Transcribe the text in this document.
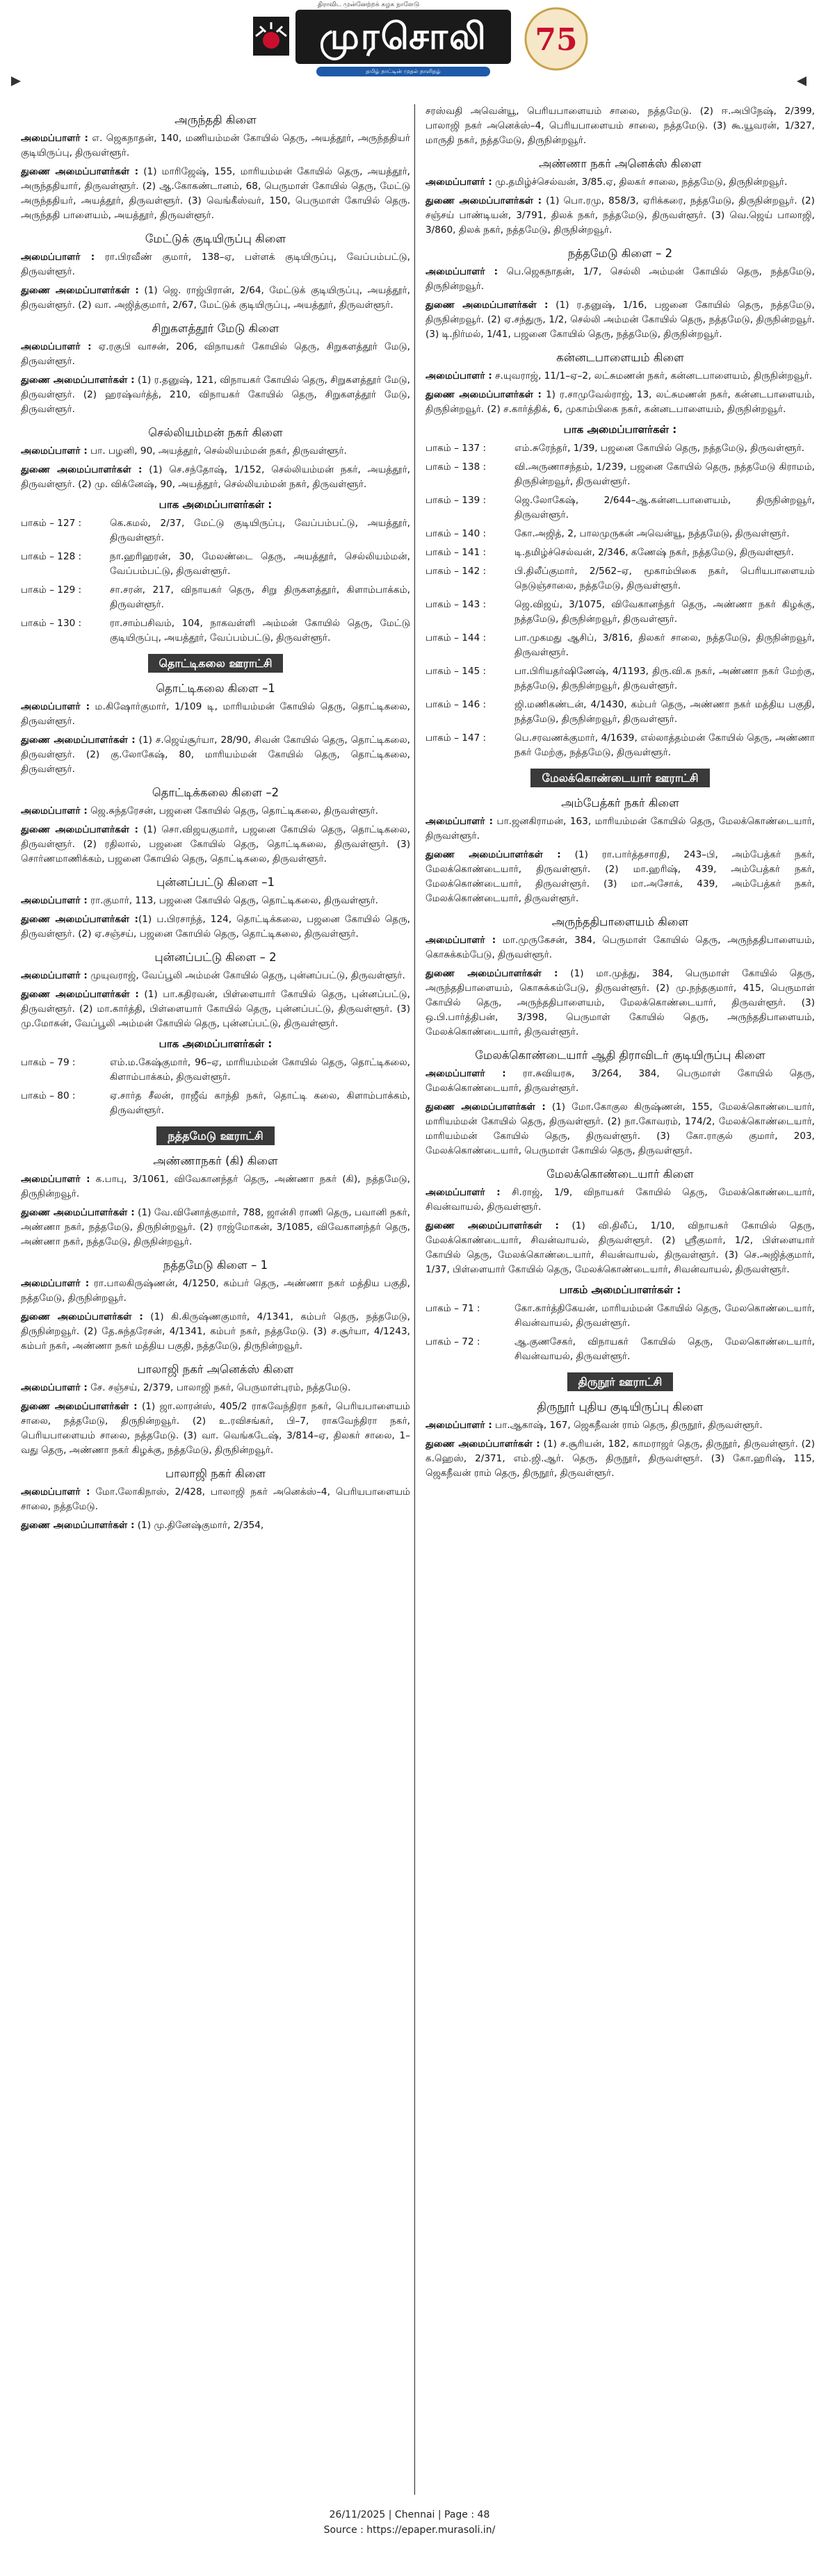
திராவிட முன்னேற்றக் கழக நாளேடு
முரசொலி
தமிழ் நாட்டின் முதல் நாளிதழ்
75
அருந்ததி கிளை
அமைப்பாளர் : எ. ஜெகநாதன், 140, மணியம்மன் கோயில் தெரு, அயத்தூர், அருந்ததியர் குடியிருப்பு, திருவள்ளூர்.
துணை அமைப்பாளர்கள் : (1) மாரிஜேஷ், 155, மாரியம்மன் கோயில் தெரு, அயத்தூர், அருந்ததியார், திருவள்ளூர். (2) ஆ.கோகண்டானம், 68, பெருமாள் கோயில் தெரு, மேட்டு அருந்ததியர், அயத்தூர், திருவள்ளூர். (3) வெங்கீஸ்வர், 150, பெருமாள் கோயில் தெரு. அருந்ததி பாளையம், அயத்தூர், திருவள்ளூர்.
மேட்டுக் குடியிருப்பு கிளை
அமைப்பாளர் : ரா.பிரவீண் குமார், 138–ஏ, பள்ளக் குடியிருப்பு, வேப்பம்பட்டு, திருவள்ளூர்.
துணை அமைப்பாளர்கள் : (1) ஜெ. ராஜ்பிரான், 2/64, மேட்டுக் குடியிருப்பு, அயத்தூர், திருவள்ளூர். (2) வா. அஜித்குமார், 2/67, மேட்டுக் குடியிருப்பு, அயத்தூர், திருவள்ளூர்.
சிறுகளத்தூர் மேடு கிளை
அமைப்பாளர் : ஏ.ரகுபி வாசன், 206, விநாயகர் கோயில் தெரு, சிறுகளத்தூர் மேடு, திருவள்ளூர்.
துணை அமைப்பாளர்கள் : (1) ர.தனுஷ், 121, விநாயகர் கோயில் தெரு, சிறுகளத்தூர் மேடு, திருவள்ளூர். (2) ஹரஷ்வர்த்த், 210, விநாயகர் கோயில் தெரு, சிறுகளத்தூர் மேடு, திருவள்ளூர்.
செல்லியம்மன் நகர் கிளை
அமைப்பாளர் : பா. பழனி, 90, அயத்தூர், செல்லியம்மன் நகர், திருவள்ளூர்.
துணை அமைப்பாளர்கள் : (1) செ.சந்தோஷ், 1/152, செல்லியம்மன் நகர், அயத்தூர், திருவள்ளூர். (2) மு. விக்னேஷ், 90, அயத்தூர், செல்லியம்மன் நகர், திருவள்ளூர்.
பாக அமைப்பாளர்கள் :
பாகம் – 127 :	கெ.கமல், 2/37, மேட்டு குடியிருப்பு, வேப்பம்பட்டு, அயத்தூர், திருவள்ளூர்.
பாகம் – 128 :	நா.ஹரிஹரன், 30, மேலண்டை தெரு, அயத்தூர், செல்லியம்மன், வேப்பம்பட்டு, திருவள்ளூர்.
பாகம் – 129 :	சா.சரன், 217, விநாயகர் தெரு, சிறு திருகளத்தூர், கிளாம்பாக்கம், திருவள்ளூர்.
பாகம் – 130 :	ரா.சாம்பசிவம், 104, நாகவள்ளி அம்மன் கோயில் தெரு, மேட்டு குடியிருப்பு, அயத்தூர், வேப்பம்பட்டு, திருவள்ளூர்.
தொட்டிகலை ஊராட்சி
தொட்டிகலை கிளை –1
அமைப்பாளர் : ம.கிஷோர்குமார், 1/109 டி, மாரியம்மன் கோயில் தெரு, தொட்டிகலை, திருவள்ளூர்.
துணை அமைப்பாளர்கள் : (1) ச.ஜெய்சூர்யா, 28/90, சிவன் கோயில் தெரு, தொட்டிகலை, திருவள்ளூர். (2) கு.லோகேஷ், 80, மாரியம்மன் கோயில் தெரு, தொட்டிகலை, திருவள்ளூர்.
தொட்டிக்கலை கிளை –2
அமைப்பாளர் : ஜெ.சுந்தரேசன், பஜனை கோயில் தெரு, தொட்டிகலை, திருவள்ளூர்.
துணை அமைப்பாளர்கள் : (1) சொ.விஜயகுமார், பஜனை கோயில் தெரு, தொட்டிகலை, திருவள்ளூர். (2) ரதிலால், பஜனை கோயில் தெரு, தொட்டிகலை, திருவள்ளூர். (3) சொர்ணமாணிக்கம், பஜனை கோயில் தெரு, தொட்டிகலை, திருவள்ளூர்.
புன்னப்பட்டு கிளை –1
அமைப்பாளர் : ரா.குமார், 113, பஜனை கோயில் தெரு, தொட்டிகலை, திருவள்ளூர்.
துணை அமைப்பாளர்கள் :(1) ப.பிரசாந்த், 124, தொட்டிக்கலை, பஜனை கோயில் தெரு, திருவள்ளூர். (2) ஏ.சஞ்சய், பஜனை கோயில் தெரு, தொட்டிகலை, திருவள்ளூர்.
புன்னப்பட்டு கிளை – 2
அமைப்பாளர் : முயுவராஜ், வேப்பூலி அம்மன் கோயில் தெரு, புன்னப்பட்டு, திருவள்ளூர்.
துணை அமைப்பாளர்கள் : (1) பா.கதிரவன், பிள்ளையார் கோயில் தெரு, புன்னப்பட்டு, திருவள்ளூர். (2) மா.கார்த்தி, பிள்ளையார் கோயில் தெரு, புன்னப்பட்டு, திருவள்ளூர். (3) மு.மோகன், வேப்பூலி அம்மன் கோயில் தெரு, புன்னப்பட்டு, திருவள்ளூர்.
பாக அமைப்பாளர்கள் :
பாகம் – 79 :	எம்.ம.கேஷ்குமார், 96–ஏ, மாரியம்மன் கோயில் தெரு, தொட்டிகலை, கிளாம்பாக்கம், திருவள்ளூர்.
பாகம் – 80 :	ஏ.சார்த சீலன், ராஜீவ் காந்தி நகர், தொட்டி கலை, கிளாம்பாக்கம், திருவள்ளூர்.
நத்தமேடு ஊராட்சி
அண்ணாநகர் (கி) கிளை
அமைப்பாளர் : க.பாபு, 3/1061, விவேகானந்தர் தெரு, அண்ணா நகர் (கி), நத்தமேடு, திருநின்றவூர்.
துணை அமைப்பாளர்கள் : (1) வே.வினோத்குமார், 788, ஜான்சி ராணி தெரு, பவானி நகர், அண்ணா நகர், நத்தமேடு, திருநின்றவூர். (2) ராஜ்மோகன், 3/1085, விவேகானந்தர் தெரு, அண்ணா நகர், நத்தமேடு, திருநின்றவூர்.
நத்தமேடு கிளை – 1
அமைப்பாளர் : ரா.பாலகிருஷ்ணன், 4/1250, கம்பர் தெரு, அண்ணா நகர் மத்திய பகுதி, நத்தமேடு, திருநின்றவூர்.
துணை அமைப்பாளர்கள் : (1) கி.கிருஷ்ணகுமார், 4/1341, கம்பர் தெரு, நத்தமேடு, திருநின்றவூர். (2) தே.சுந்தரேசன், 4/1341, கம்பர் நகர், நத்தமேடு. (3) ச.சூர்யா, 4/1243, கம்பர் நகர், அண்ணா நகர் மத்திய பகுதி, நத்தமேடு, திருநின்றவூர்.
பாலாஜி நகர் அனெக்ஸ் கிளை
அமைப்பாளர் : சே. சஞ்சய், 2/379, பாலாஜி நகர், பெருமாள்புரம், நத்தமேடு.
துணை அமைப்பாளர்கள் : (1) ஜா.லாரன்ஸ், 405/2 ராகவேந்திரா நகர், பெரியபாளையம் சாலை, நத்தமேடு, திருநின்றவூர். (2) உ.ரவிசங்கர், பி–7, ராகவேந்திரா நகர், பெரியபாளையம் சாலை, நத்தமேடு. (3) வா. வெங்கடேஷ், 3/814–ஏ, திலகர் சாலை, 1–வது தெரு, அண்ணா நகர் கிழக்கு, நத்தமேடு, திருநின்றவூர்.
பாலாஜி நகர் கிளை
அமைப்பாளர் : மோ.லோகிநாஸ், 2/428, பாலாஜி நகர் அனெக்ஸ்–4, பெரியபாளையம் சாலை, நத்தமேடு.
துணை அமைப்பாளர்கள் : (1) மு.தினேஷ்குமார், 2/354,
சரஸ்வதி அவென்யூ, பெரியபாளையம் சாலை, நத்தமேடு. (2) ஈ.அபிநேஷ், 2/399, பாலாஜி நகர் அனெக்ஸ்–4, பெரியபாளையம் சாலை, நத்தமேடு. (3) கூ.யூவரன், 1/327, மாருதி நகர், நத்தமேடு, திருநின்றவூர்.
அண்ணா நகர் அனெக்ஸ் கிளை
அமைப்பாளர் : மு.தமிழ்ச்செல்வன், 3/85.ஏ, திலகர் சாலை, நத்தமேடு, திருநின்றவூர்.
துணை அமைப்பாளர்கள் : (1) பொ.ரமு, 858/3, ஏரிக்கரை, நத்தமேடு, திருநின்றவூர். (2) சஞ்சய் பாண்டியன், 3/791, திலக் நகர், நத்தமேடு, திருவள்ளூர். (3) வெ.ஜெய் பாலாஜி, 3/860, திலக் நகர், நத்தமேடு, திருநின்றவூர்.
நத்தமேடு கிளை – 2
அமைப்பாளர் : பெ.ஜெகநாதன், 1/7, செல்லி அம்மன் கோயில் தெரு, நத்தமேடு, திருநின்றவூர்.
துணை அமைப்பாளர்கள் : (1) ர.தனுஷ், 1/16, பஜனை கோயில் தெரு, நத்தமேடு, திருநின்றவூர். (2) ஏ.சந்துரு, 1/2, செல்லி அம்மன் கோயில் தெரு, நத்தமேடு, திருநின்றவூர். (3) டி.நிர்மல், 1/41, பஜனை கோயில் தெரு, நத்தமேடு, திருநின்றவூர்.
கன்னடபாளையம் கிளை
அமைப்பாளர் : ச.யுவராஜ், 11/1–ஏ–2, லட்சுமணன் நகர், கன்னடபாளையம், திருநின்றவூர்.
துணை அமைப்பாளர்கள் : 1) ர.சாமுவேல்ராஜ், 13, லட்சுமணன் நகர், கன்னடபாளையம், திருநின்றவூர். (2) ச.கார்த்திக், 6, முகாம்பிகை நகர், கன்னடபாளையம், திருநின்றவூர்.
பாக அமைப்பாளர்கள் :
பாகம் – 137 :	எம்.சுரேந்தர், 1/39, பஜனை கோயில் தெரு, நத்தமேடு, திருவள்ளூர்.
பாகம் – 138 :	வி.அருணாசந்தம், 1/239, பஜனை கோயில் தெரு, நத்தமேடு கிராமம், திருநின்றவூர், திருவள்ளூர்.
பாகம் – 139 :	ஜெ.லோகேஷ், 2/644–ஆ.கன்னடபாளையம், திருநின்றவூர், திருவள்ளூர்.
பாகம் – 140 :	கோ.அஜித், 2, பாலமுருகன் அவென்யூ, நத்தமேடு, திருவள்ளூர்.
பாகம் – 141 :	டி.தமிழ்ச்செல்வன், 2/346, கணேஷ் நகர், நத்தமேடு, திருவள்ளூர்.
பாகம் – 142 :	பி.திலீப்குமார், 2/562–ஏ, மூகாம்பிகை நகர், பெரியபாளையம் நெடுஞ்சாலை, நத்தமேடு, திருவள்ளூர்.
பாகம் – 143 :	ஜெ.விஜய், 3/1075, விவேகானந்தர் தெரு, அண்ணா நகர் கிழக்கு, நத்தமேடு, திருநின்றவூர், திருவள்ளூர்.
பாகம் – 144 :	பா.முகமது ஆசிப், 3/816, திலகர் சாலை, நத்தமேடு, திருநின்றவூர், திருவள்ளூர்.
பாகம் – 145 :	பா.பிரியதர்ஷிணேஷ், 4/1193, திரு.வி.க நகர், அண்ணா நகர் மேற்கு, நத்தமேடு, திருநின்றவூர், திருவள்ளூர்.
பாகம் – 146 :	ஜி.மணிகண்டன், 4/1430, கம்பர் தெரு, அண்ணா நகர் மத்திய பகுதி, நத்தமேடு, திருநின்றவூர், திருவள்ளூர்.
பாகம் – 147 :	பெ.சரவணக்குமார், 4/1639, எல்லாத்தம்மன் கோயில் தெரு, அண்ணா நகர் மேற்கு, நத்தமேடு, திருவள்ளூர்.
மேலக்கொண்டையார் ஊராட்சி
அம்பேத்கர் நகர் கிளை
அமைப்பாளர் : பா.ஜனகிராமன், 163, மாரியம்மன் கோயில் தெரு, மேலக்கொண்டையார், திருவள்ளூர்.
துணை அமைப்பாளர்கள் : (1) ரா.பார்த்தசாரதி, 243–பி, அம்பேத்கர் நகர், மேலக்கொண்டையார், திருவள்ளூர். (2) மா.ஹரிஷ், 439, அம்பேத்கர் நகர், மேலக்கொண்டையார், திருவள்ளூர். (3) மா.அசோக், 439, அம்பேத்கர் நகர், மேலக்கொண்டையார், திருவள்ளூர்.
அருந்ததிபாளையம் கிளை
அமைப்பாளர் : மா.முருகேசன், 384, பெருமாள் கோயில் தெரு, அருந்ததிபாளையம், கொசுக்கம்பேடு, திருவள்ளூர்.
துணை அமைப்பாளர்கள் : (1) மா.முத்து, 384, பெருமாள் கோயில் தெரு, அருந்ததிபாளையம், கொசுக்கம்பேடு, திருவள்ளூர். (2) மு.நந்தகுமார், 415, பெருமாள் கோயில் தெரு, அருந்ததிபாளையம், மேலக்கொண்டையார், திருவள்ளூர். (3) ஒ.பி.பார்த்திபன், 3/398, பெருமாள் கோயில் தெரு, அருந்ததிபாளையம், மேலக்கொண்டையார், திருவள்ளூர்.
மேலக்கொண்டையார் ஆதி திராவிடர் குடியிருப்பு கிளை
அமைப்பாளர் : ரா.சுவியரசு, 3/264, 384, பெருமாள் கோயில் தெரு, மேலக்கொண்டையார், திருவள்ளூர்.
துணை அமைப்பாளர்கள் : (1) மோ.கோகுல கிருஷ்ணன், 155, மேலக்கொண்டையார், மாரியம்மன் கோயில் தெரு, திருவள்ளூர். (2) நா.கோவரம், 174/2, மேலக்கொண்டையார், மாரியம்மன் கோயில் தெரு, திருவள்ளூர். (3) கோ.ராகுல் குமார், 203, மேலக்கொண்டையார், பெருமாள் கோயில் தெரு, திருவள்ளூர்.
மேலக்கொண்டையார் கிளை
அமைப்பாளர் : சி.ராஜ், 1/9, விநாயகர் கோயில் தெரு, மேலக்கொண்டையார், சிவன்வாயல், திருவள்ளூர்.
துணை அமைப்பாளர்கள் : (1) வி.திலீப், 1/10, விநாயகர் கோயில் தெரு, மேலக்கொண்டையார், சிவன்வாயல், திருவள்ளூர். (2) ஸ்ரீகுமார், 1/2, பிள்ளையார் கோயில் தெரு, மேலக்கொண்டையார், சிவன்வாயல், திருவள்ளூர். (3) செ.அஜித்குமார், 1/37, பிள்ளையார் கோயில் தெரு, மேலக்கொண்டையார், சிவன்வாயல், திருவள்ளூர்.
பாகம் அமைப்பாளர்கள் :
பாகம் – 71 :	கோ.கார்த்திகேயன், மாரியம்மன் கோயில் தெரு, மேலகொண்டையார், சிவன்வாயல், திருவள்ளூர்.
பாகம் – 72 :	ஆ.குணசேகர், விநாயகர் கோயில் தெரு, மேலகொண்டையார், சிவன்வாயல், திருவள்ளூர்.
திருநூர் ஊராட்சி
திருநூர் புதிய குடியிருப்பு கிளை
அமைப்பாளர் : பா.ஆகாஷ், 167, ஜெகநீவன் ராம் தெரு, திருநூர், திருவள்ளூர்.
துணை அமைப்பாளர்கள் : (1) ச.சூரியன், 182, காமராஜர் தெரு, திருநூர், திருவள்ளூர். (2) க.ஹெஸ், 2/371, எம்.ஜி.ஆர். தெரு, திருநூர், திருவள்ளூர். (3) கோ.ஹரிஷ், 115, ஜெகநீவன் ராம் தெரு, திருநூர், திருவள்ளூர்.
26/11/2025 | Chennai | Page : 48
Source : https://epaper.murasoli.in/
